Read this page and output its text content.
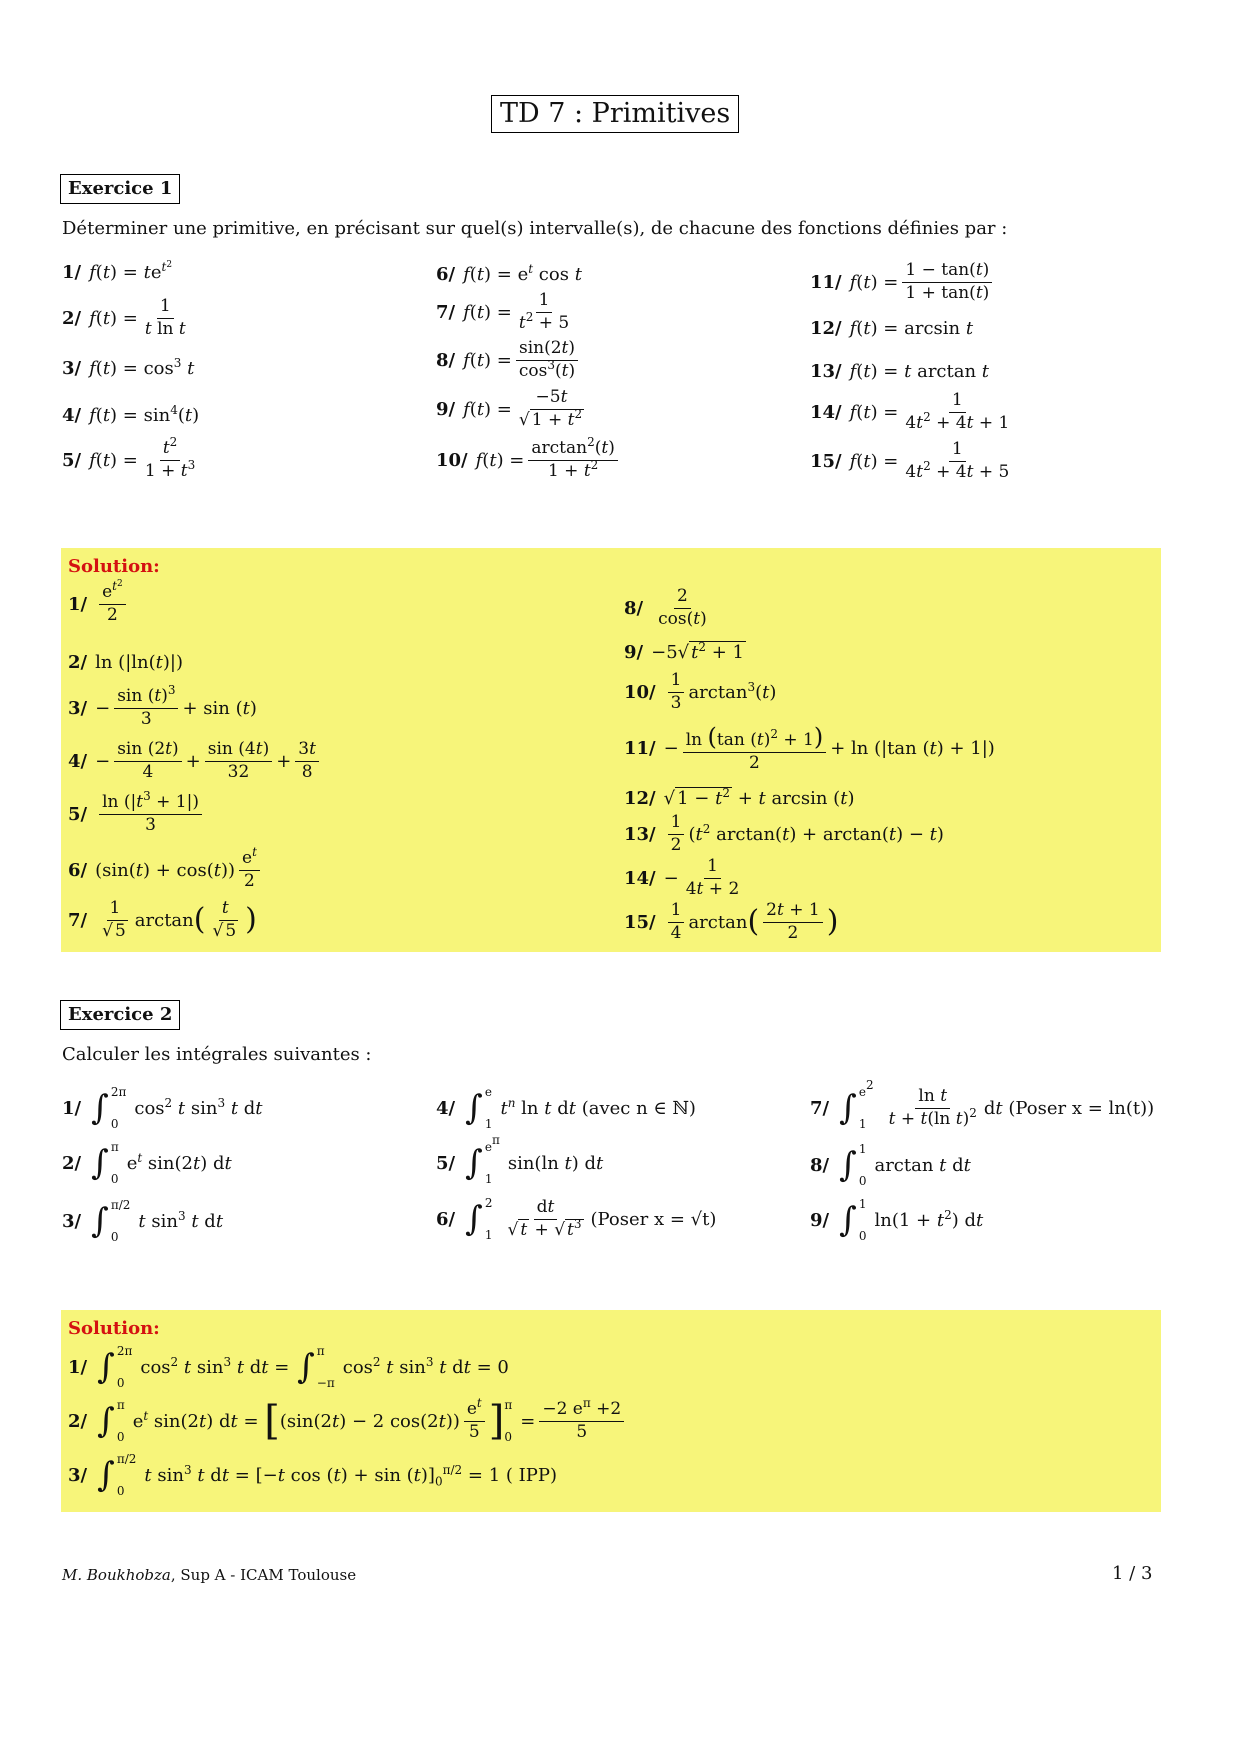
TD 7 : Primitives
Exercice 1
Déterminer une primitive, en précisant sur quel(s) intervalle(s), de chacune des fonctions définies par :
1/ $f(t) = te^{t^2}$
2/ $f(t) = \frac{1}{\text{t ln t}}$
3/ $f(t) = \cos^3 t$
4/ $f(t) = \sin^4(t)$
5/ $f(t) = \frac{t^2}{1 + t^3}$
6/ $f(t) = e^t$ cos t
7/ $f(t) = \frac{1}{t^2 + 5}$
8/ $f(t) = \frac{\sin(2t)}{\cos^3(t)}$
9/ $f(t) = \frac{-5t}{√ 1 + t^2}$
10/ $f(t) = \frac{\arctan^2(t)}{1 + t^2}$
11/ $f(t) = \frac{1 - \tan(t)}{1 + \tan(t)}$
12/ f(t) = arcsin t
13/ f(t) = t arctan t
14/ $f(t) = \frac{1}{4t^2 + 4t + 1}$
15/ $f(t) = \frac{1}{4t^2 + 4t + 5}$
Solution:
$1/ \frac{e^{t^2}}{2}$
2/ ln (|ln(t)|)
$3/ - \frac{\sin (t)^3}{3} + \sin (t)$
$4/ - \frac{\sin (2t)}{4} + \frac{\sin (4t)}{32} + \frac{3t}{8}$
$5/ \frac{\ln (|t^3 + 1|)}{3}$
6/ $(\sin(t) + \cos(t)) \frac{e^t}{2}$
$7/ \frac{1}{√ 5}$ arctan ( $\frac{t}{√ 5}$ )
$8/ \frac{2}{\cos(t)}$
9/ −5√ $t^2 + 1$
$10/ \frac{1}{3} \arctan^3(t)$
$11/ - \frac{\ln (\tan (t)^2 + 1)}{2} + \ln (|\tan$ (t) + 1|)
12/ √ $1 - t^2 + t$ arcsin (t)
$13/ \frac{1}{2} (t^2$ arctan(t) + arctan(t) − t)
$14/ - \frac{1}{4t + 2}$
$15/ \frac{1}{4}$ arctan ( $\frac{2t + 1}{2}$ )
Exercice 2
Calculer les intégrales suivantes :
1/ ∫ 2π
0
$\cos^2 t$ $\sin^3 t$ dt
2/ ∫ π
0
$e^t$ sin(2t) dt
3/ ∫ π/2
0
t $\sin^3 t$ dt
4/ ∫ e
1
$t^n$ ln t dt (avec n ∈ ℕ)
5/ ∫ $e^\pi$
1
sin(ln t) dt
6/ ∫ 2
$1 \frac{dt}{√ t + √ t^3}$ (Poser x = √t)
7/ ∫ $e^2$
1	$\frac{\text{ln t}}{t + t(\ln t)^2}$ dt (Poser x = ln(t))
8/ ∫ 1
0
arctan t dt
9/ ∫ 1
0
$\ln(1 + t^2)$ dt
Solution:
1/ ∫ 2π
0
$\cos^2 t$ $\sin^3 t$ dt = ∫ π
−π
$\cos^2 t$ $\sin^3 t$ dt = 0
2/ ∫ π
0
$e^t$ sin(2t) dt = [ (sin(2t) − 2 $\cos(2t)) \frac{e^t}{5}$ ] π
0
= $\frac{-2 e^\pi +2}{5}$
3/ ∫ π/2
0
t $\sin^3 t$ dt = [−t $\cos (t) + \sin (t)]_0^{\pi/2} = 1$ ( IPP)
M. Boukhobza, Sup A - ICAM Toulouse	1 / 3
